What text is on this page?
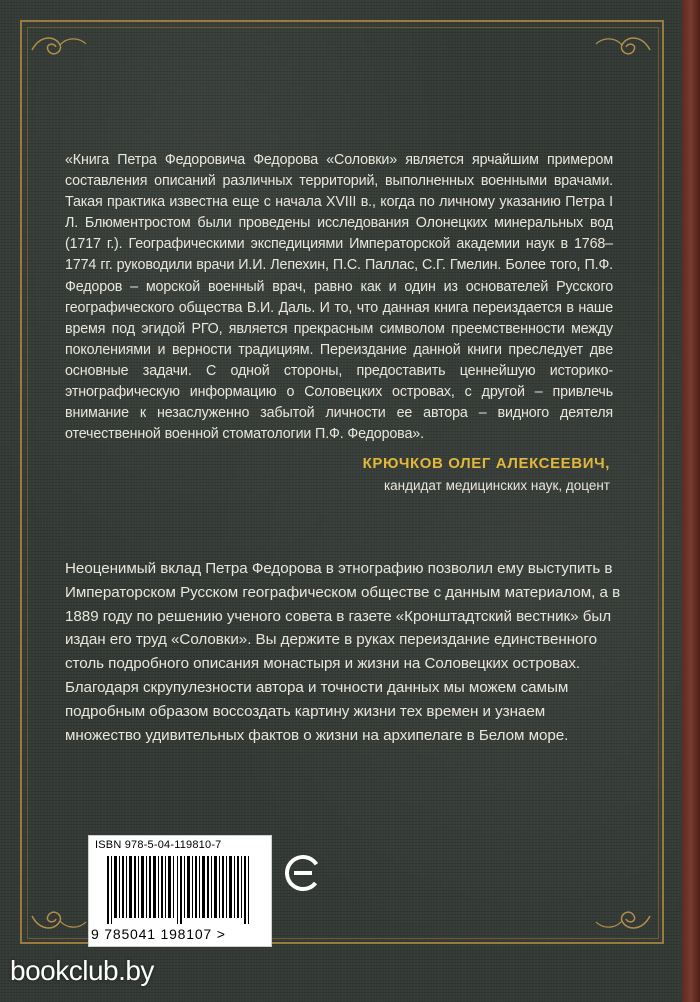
«Книга Петра Федоровича Федорова «Соловки» является ярчайшим примером составления описаний различных территорий, выполненных военными врачами. Такая практика известна еще с начала XVIII в., когда по личному указанию Петра I Л. Блюментростом были проведены исследования Олонецких минеральных вод (1717 г.). Географическими экспедициями Императорской академии наук в 1768–1774 гг. руководили врачи И.И. Лепехин, П.С. Паллас, С.Г. Гмелин. Более того, П.Ф. Федоров – морской военный врач, равно как и один из основателей Русского географического общества В.И. Даль. И то, что данная книга переиздается в наше время под эгидой РГО, является прекрасным символом преемственности между поколениями и верности традициям. Переиздание данной книги преследует две основные задачи. С одной стороны, предоставить ценнейшую историко-этнографическую информацию о Соловецких островах, с другой – привлечь внимание к незаслуженно забытой личности ее автора – видного деятеля отечественной военной стоматологии П.Ф. Федорова».
КРЮЧКОВ ОЛЕГ АЛЕКСЕЕВИЧ,
кандидат медицинских наук, доцент
Неоценимый вклад Петра Федорова в этнографию позволил ему выступить в Императорском Русском географическом обществе с данным материалом, а в 1889 году по решению ученого совета в газете «Кронштадтский вестник» был издан его труд «Соловки». Вы держите в руках переиздание единственного столь подробного описания монастыря и жизни на Соловецких островах. Благодаря скрупулезности автора и точности данных мы можем самым подробным образом воссоздать картину жизни тех времен и узнаем множество удивительных фактов о жизни на архипелаге в Белом море.
ISBN 978-5-04-119810-7
9 785041 198107 >
bookclub.by
